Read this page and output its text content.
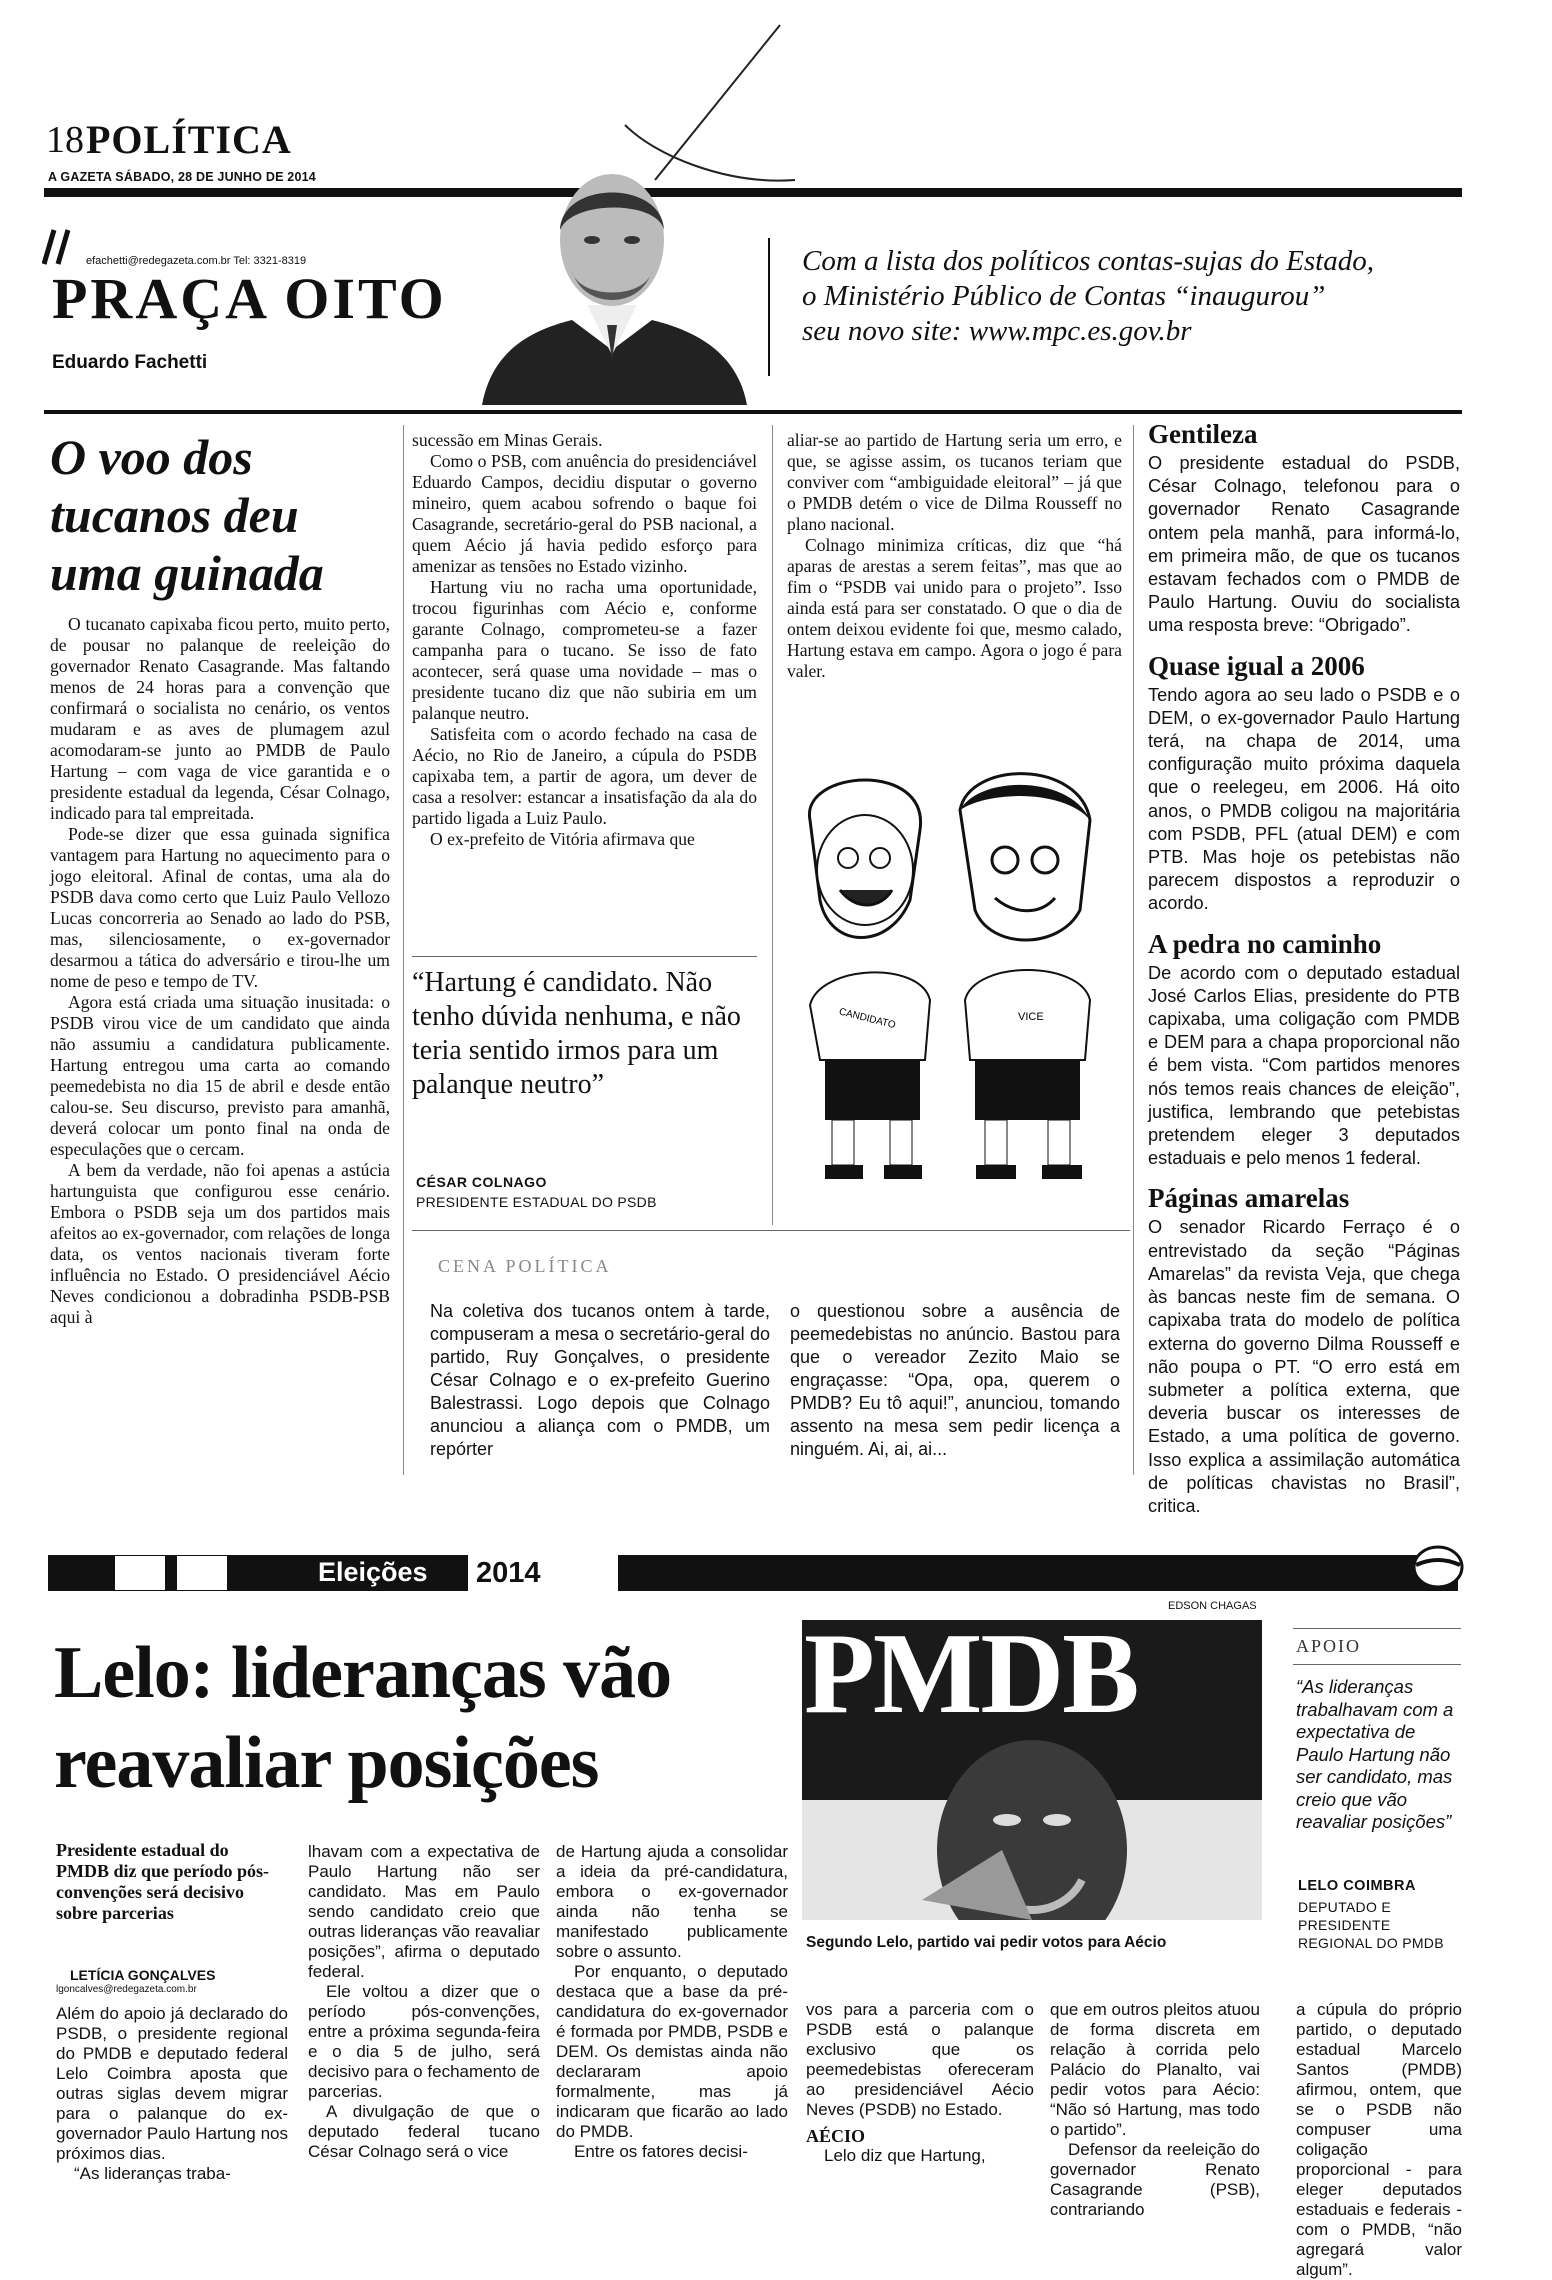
18 POLÍTICA
A GAZETA SÁBADO, 28 DE JUNHO DE 2014
efachetti@redegazeta.com.br Tel: 3321-8319
PRAÇA OITO
Eduardo Fachetti
Com a lista dos políticos contas-sujas do Estado,
o Ministério Público de Contas “inaugurou”
seu novo site: www.mpc.es.gov.br
O voo dos
tucanos deu
uma guinada

O tucanato capixaba ficou perto, muito perto, de pousar no palanque de reeleição do governador Renato Casagrande. Mas faltando menos de 24 horas para a convenção que confirmará o socialista no cenário, os ventos mudaram e as aves de plumagem azul acomodaram-se junto ao PMDB de Paulo Hartung – com vaga de vice garantida e o presidente estadual da legenda, César Colnago, indicado para tal empreitada.

Pode-se dizer que essa guinada significa vantagem para Hartung no aquecimento para o jogo eleitoral. Afinal de contas, uma ala do PSDB dava como certo que Luiz Paulo Vellozo Lucas concorreria ao Senado ao lado do PSB, mas, silenciosamente, o ex-governador desarmou a tática do adversário e tirou-lhe um nome de peso e tempo de TV.

Agora está criada uma situação inusitada: o PSDB virou vice de um candidato que ainda não assumiu a candidatura publicamente. Hartung entregou uma carta ao comando peemedebista no dia 15 de abril e desde então calou-se. Seu discurso, previsto para amanhã, deverá colocar um ponto final na onda de especulações que o cercam.

A bem da verdade, não foi apenas a astúcia hartunguista que configurou esse cenário. Embora o PSDB seja um dos partidos mais afeitos ao ex-governador, com relações de longa data, os ventos nacionais tiveram forte influência no Estado. O presidenciável Aécio Neves condicionou a dobradinha PSDB-PSB aqui à

sucessão em Minas Gerais.

Como o PSB, com anuência do presidenciável Eduardo Campos, decidiu disputar o governo mineiro, quem acabou sofrendo o baque foi Casagrande, secretário-geral do PSB nacional, a quem Aécio já havia pedido esforço para amenizar as tensões no Estado vizinho.

Hartung viu no racha uma oportunidade, trocou figurinhas com Aécio e, conforme garante Colnago, comprometeu-se a fazer campanha para o tucano. Se isso de fato acontecer, será quase uma novidade – mas o presidente tucano diz que não subiria em um palanque neutro.

Satisfeita com o acordo fechado na casa de Aécio, no Rio de Janeiro, a cúpula do PSDB capixaba tem, a partir de agora, um dever de casa a resolver: estancar a insatisfação da ala do partido ligada a Luiz Paulo.

O ex-prefeito de Vitória afirmava que

“Hartung é candidato. Não tenho dúvida nenhuma, e não teria sentido irmos para um palanque neutro”
CÉSAR COLNAGO
PRESIDENTE ESTADUAL DO PSDB

aliar-se ao partido de Hartung seria um erro, e que, se agisse assim, os tucanos teriam que conviver com “ambiguidade eleitoral” – já que o PMDB detém o vice de Dilma Rousseff no plano nacional.

Colnago minimiza críticas, diz que “há aparas de arestas a serem feitas”, mas que ao fim o “PSDB vai unido para o projeto”. Isso ainda está para ser constatado. O que o dia de ontem deixou evidente foi que, mesmo calado, Hartung estava em campo. Agora o jogo é para valer.

CANDIDATO	VICE
Gentileza
O presidente estadual do PSDB, César Colnago, telefonou para o governador Renato Casagrande ontem pela manhã, para informá-lo, em primeira mão, de que os tucanos estavam fechados com o PMDB de Paulo Hartung. Ouviu do socialista uma resposta breve: “Obrigado”.
Quase igual a 2006
Tendo agora ao seu lado o PSDB e o DEM, o ex-governador Paulo Hartung terá, na chapa de 2014, uma configuração muito próxima daquela que o reelegeu, em 2006. Há oito anos, o PMDB coligou na majoritária com PSDB, PFL (atual DEM) e com PTB. Mas hoje os petebistas não parecem dispostos a reproduzir o acordo.
A pedra no caminho
De acordo com o deputado estadual José Carlos Elias, presidente do PTB capixaba, uma coligação com PMDB e DEM para a chapa proporcional não é bem vista. “Com partidos menores nós temos reais chances de eleição”, justifica, lembrando que petebistas pretendem eleger 3 deputados estaduais e pelo menos 1 federal.
Páginas amarelas
O senador Ricardo Ferraço é o entrevistado da seção “Páginas Amarelas” da revista Veja, que chega às bancas neste fim de semana. O capixaba trata do modelo de política externa do governo Dilma Rousseff e não poupa o PT. “O erro está em submeter a política externa, que deveria buscar os interesses de Estado, a uma política de governo. Isso explica a assimilação automática de políticas chavistas no Brasil”, critica.
CENA POLÍTICA
Na coletiva dos tucanos ontem à tarde, compuseram a mesa o secretário-geral do partido, Ruy Gonçalves, o presidente César Colnago e o ex-prefeito Guerino Balestrassi. Logo depois que Colnago anunciou a aliança com o PMDB, um repórter
o questionou sobre a ausência de peemedebistas no anúncio. Bastou para que o vereador Zezito Maio se engraçasse: “Opa, opa, querem o PMDB? Eu tô aqui!”, anunciou, tomando assento na mesa sem pedir licença a ninguém. Ai, ai, ai...
Eleições 2014
Lelo: lideranças vão
reavaliar posições
EDSON CHAGAS
PMDB
Segundo Lelo, partido vai pedir votos para Aécio
APOIO
“As lideranças trabalhavam com a expectativa de Paulo Hartung não ser candidato, mas creio que vão reavaliar posições”
LELO COIMBRA
DEPUTADO E PRESIDENTE REGIONAL DO PMDB
Presidente estadual do PMDB diz que período pós-convenções será decisivo sobre parcerias
LETÍCIA GONÇALVES
lgoncalves@redegazeta.com.br

Além do apoio já declarado do PSDB, o presidente regional do PMDB e deputado federal Lelo Coimbra aposta que outras siglas devem migrar para o palanque do ex-governador Paulo Hartung nos próximos dias.

“As lideranças traba-

lhavam com a expectativa de Paulo Hartung não ser candidato. Mas em Paulo sendo candidato creio que outras lideranças vão reavaliar posições”, afirma o deputado federal.

Ele voltou a dizer que o período pós-convenções, entre a próxima segunda-feira e o dia 5 de julho, será decisivo para o fechamento de parcerias.

A divulgação de que o deputado federal tucano César Colnago será o vice

de Hartung ajuda a consolidar a ideia da pré-candidatura, embora o ex-governador ainda não tenha se manifestado publicamente sobre o assunto.

Por enquanto, o deputado destaca que a base da pré-candidatura do ex-governador é formada por PMDB, PSDB e DEM. Os demistas ainda não declararam apoio formalmente, mas já indicaram que ficarão ao lado do PMDB.

Entre os fatores decisi-

vos para a parceria com o PSDB está o palanque exclusivo que os peemedebistas ofereceram ao presidenciável Aécio Neves (PSDB) no Estado.

AÉCIO

Lelo diz que Hartung,

que em outros pleitos atuou de forma discreta em relação à corrida pelo Palácio do Planalto, vai pedir votos para Aécio: “Não só Hartung, mas todo o partido”.

Defensor da reeleição do governador Renato Casagrande (PSB), contrariando

a cúpula do próprio partido, o deputado estadual Marcelo Santos (PMDB) afirmou, ontem, que se o PSDB não compuser uma coligação proporcional - para eleger deputados estaduais e federais - com o PMDB, “não agregará valor algum”.
